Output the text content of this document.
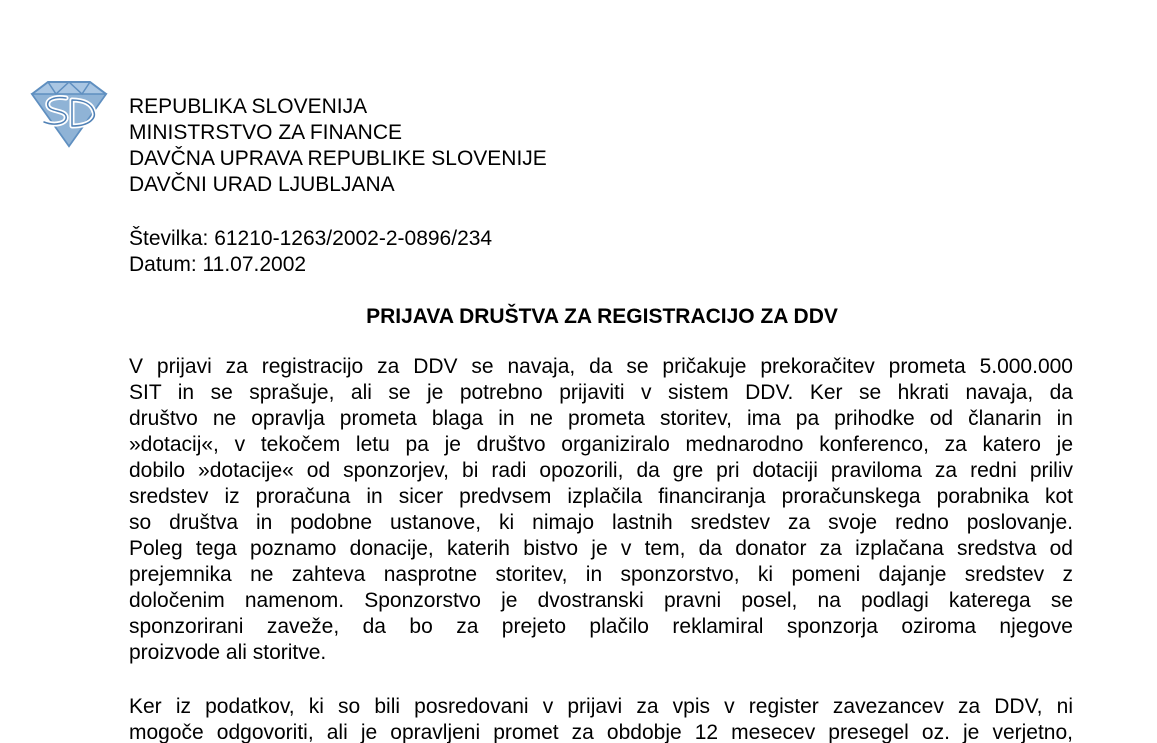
REPUBLIKA SLOVENIJA
MINISTRSTVO ZA FINANCE
DAVČNA UPRAVA REPUBLIKE SLOVENIJE
DAVČNI URAD LJUBLJANA
Številka: 61210-1263/2002-2-0896/234
Datum: 11.07.2002
PRIJAVA DRUŠTVA ZA REGISTRACIJO ZA DDV
V prijavi za registracijo za DDV se navaja, da se pričakuje prekoračitev prometa 5.000.000
SIT in se sprašuje, ali se je potrebno prijaviti v sistem DDV. Ker se hkrati navaja, da
društvo ne opravlja prometa blaga in ne prometa storitev, ima pa prihodke od članarin in
»dotacij«, v tekočem letu pa je društvo organiziralo mednarodno konferenco, za katero je
dobilo »dotacije« od sponzorjev, bi radi opozorili, da gre pri dotaciji praviloma za redni priliv
sredstev iz proračuna in sicer predvsem izplačila financiranja proračunskega porabnika kot
so društva in podobne ustanove, ki nimajo lastnih sredstev za svoje redno poslovanje.
Poleg tega poznamo donacije, katerih bistvo je v tem, da donator za izplačana sredstva od
prejemnika ne zahteva nasprotne storitev, in sponzorstvo, ki pomeni dajanje sredstev z
določenim namenom. Sponzorstvo je dvostranski pravni posel, na podlagi katerega se
sponzorirani zaveže, da bo za prejeto plačilo reklamiral sponzorja oziroma njegove
proizvode ali storitve.
Ker iz podatkov, ki so bili posredovani v prijavi za vpis v register zavezancev za DDV, ni
mogoče odgovoriti, ali je opravljeni promet za obdobje 12 mesecev presegel oz. je verjetno,
